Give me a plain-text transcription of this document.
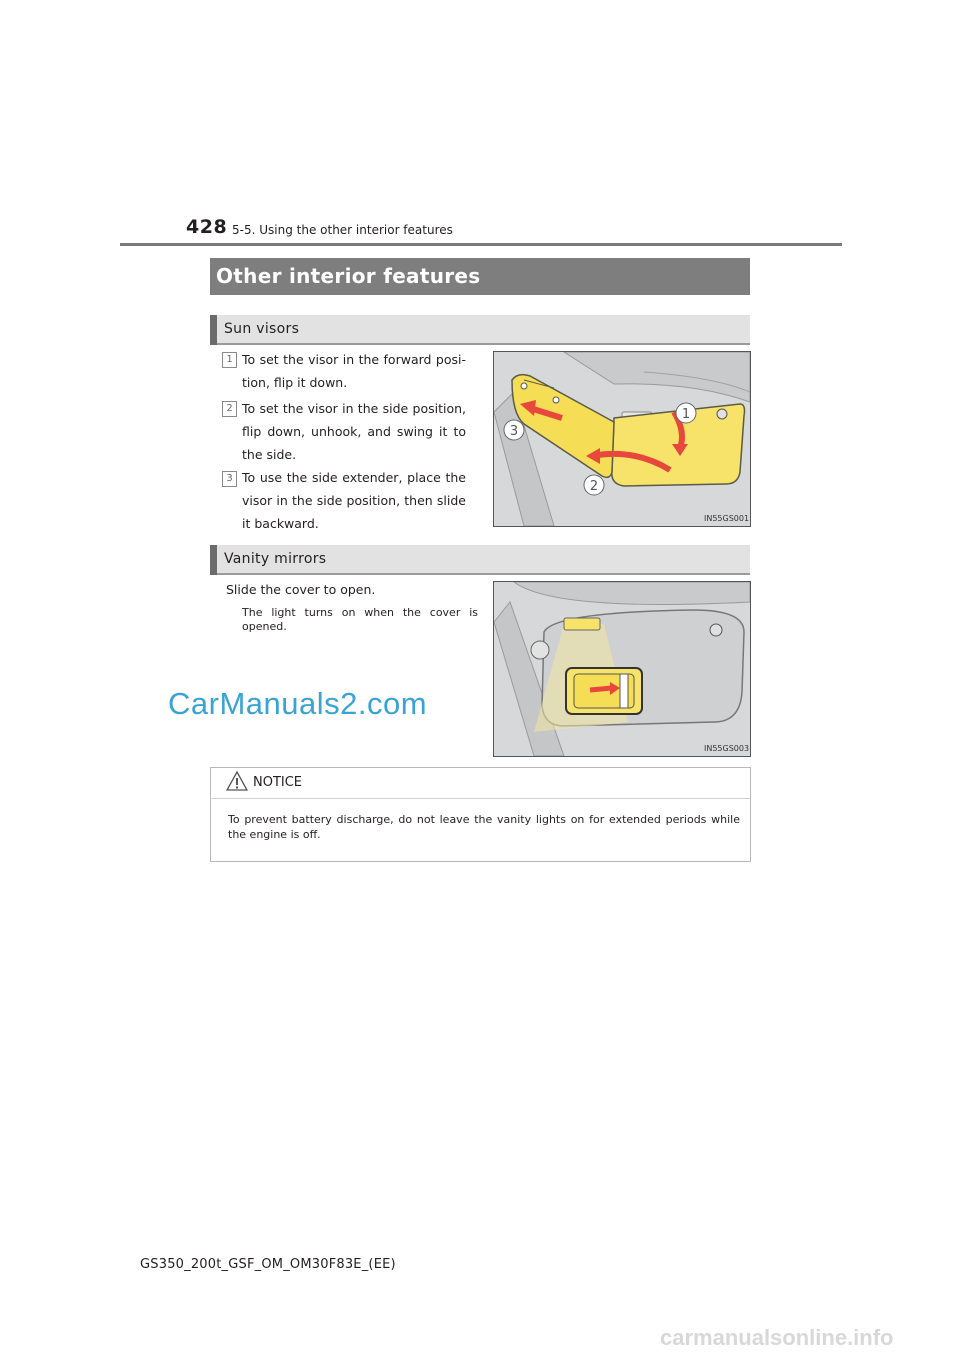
428 5-5. Using the other interior features
Other interior features
Sun visors
1 To set the visor in the forward posi-tion, flip it down.
2 To set the visor in the side position, flip down, unhook, and swing it to the side.
3 To use the side extender, place the visor in the side position, then slide it backward.
1
2
3
IN55GS001
Vanity mirrors
Slide the cover to open.
The light turns on when the cover is opened.
IN55GS003
CarManuals2.com
NOTICE
To prevent battery discharge, do not leave the vanity lights on for extended periods while the engine is off.
GS350_200t_GSF_OM_OM30F83E_(EE)
carmanualsonline.info
